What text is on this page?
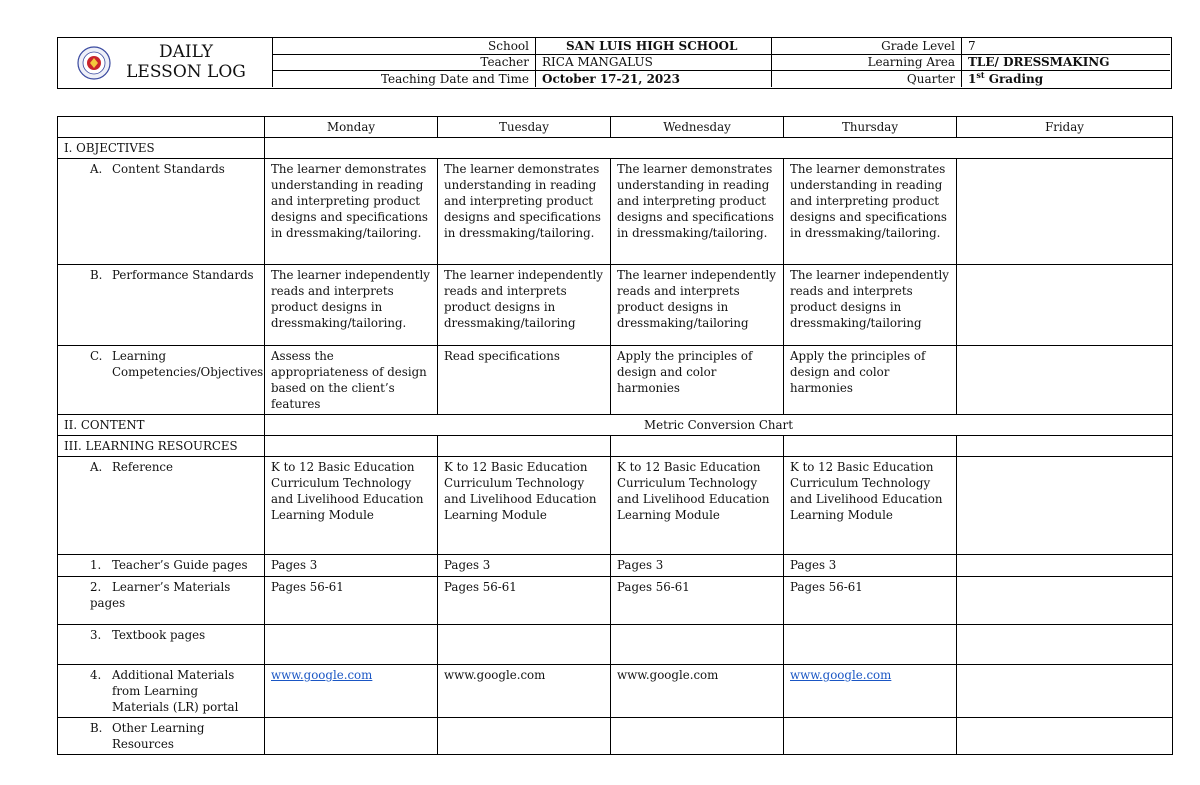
DAILY
LESSON LOG
School	SAN LUIS HIGH SCHOOL	Grade Level	7
Teacher	RICA MANGALUS	Learning Area	TLE/ DRESSMAKING
Teaching Date and Time	October 17-21, 2023	Quarter	1st Grading
	Monday	Tuesday	Wednesday	Thursday	Friday
I. OBJECTIVES					
A. Content Standards	The learner demonstrates understanding in reading and interpreting product designs and specifications in dressmaking/tailoring.	The learner demonstrates understanding in reading and interpreting product designs and specifications in dressmaking/tailoring.	The learner demonstrates understanding in reading and interpreting product designs and specifications in dressmaking/tailoring.	The learner demonstrates understanding in reading and interpreting product designs and specifications in dressmaking/tailoring.	
B. Performance Standards	The learner independently reads and interprets product designs in dressmaking/tailoring.	The learner independently reads and interprets product designs in dressmaking/tailoring	The learner independently reads and interprets product designs in dressmaking/tailoring	The learner independently reads and interprets product designs in dressmaking/tailoring	

C. Learning Competencies/Objectives	Assess the appropriateness of design based on the client’s features	Read specifications	Apply the principles of design and color harmonies	Apply the principles of design and color harmonies	
II. CONTENT	Metric Conversion Chart				
III. LEARNING RESOURCES					
A. Reference	K to 12 Basic Education Curriculum Technology and Livelihood Education Learning Module	K to 12 Basic Education Curriculum Technology and Livelihood Education Learning Module	K to 12 Basic Education Curriculum Technology and Livelihood Education Learning Module	K to 12 Basic Education Curriculum Technology and Livelihood Education Learning Module	
1. Teacher’s Guide pages	Pages 3	Pages 3	Pages 3	Pages 3	
2. Learner’s Materials pages	Pages 56-61	Pages 56-61	Pages 56-61	Pages 56-61	
3. Textbook pages					

4. Additional Materials from Learning Materials (LR) portal	www.google.com	www.google.com	www.google.com	www.google.com	

B. Other Learning Resources					
